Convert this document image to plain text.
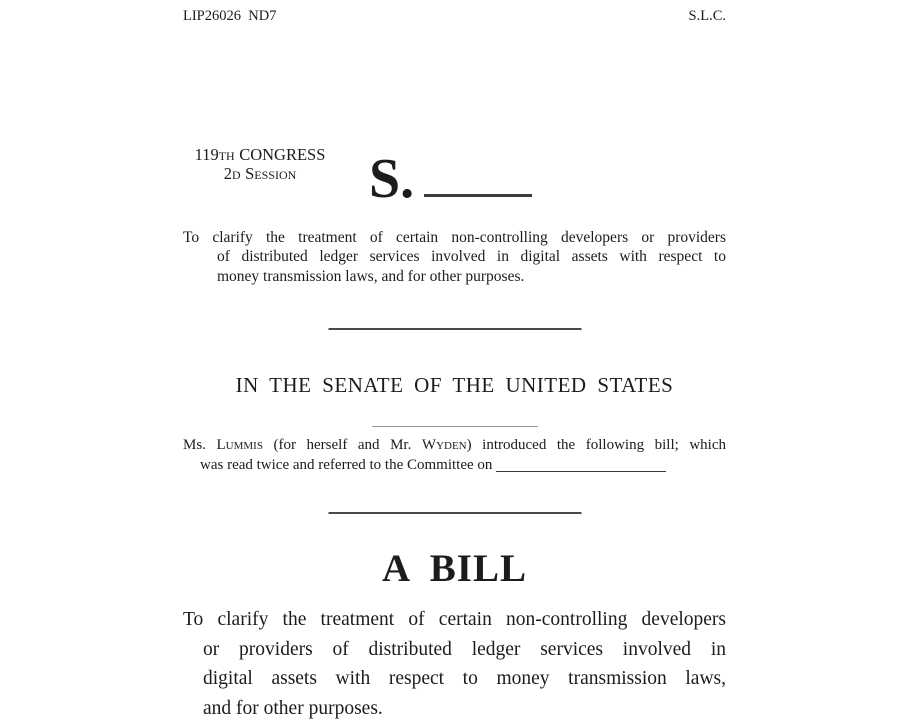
LIP26026  ND7	S.L.C.
119TH CONGRESS
2D Session	S.
To clarify the treatment of certain non-controlling developers or providers
of distributed ledger services involved in digital assets with respect to
money transmission laws, and for other purposes.
IN THE SENATE OF THE UNITED STATES
Ms. Lummis (for herself and Mr. Wyden) introduced the following bill; which
was read twice and referred to the Committee on
A BILL
To clarify the treatment of certain non-controlling developers
or providers of distributed ledger services involved in
digital assets with respect to money transmission laws,
and for other purposes.
